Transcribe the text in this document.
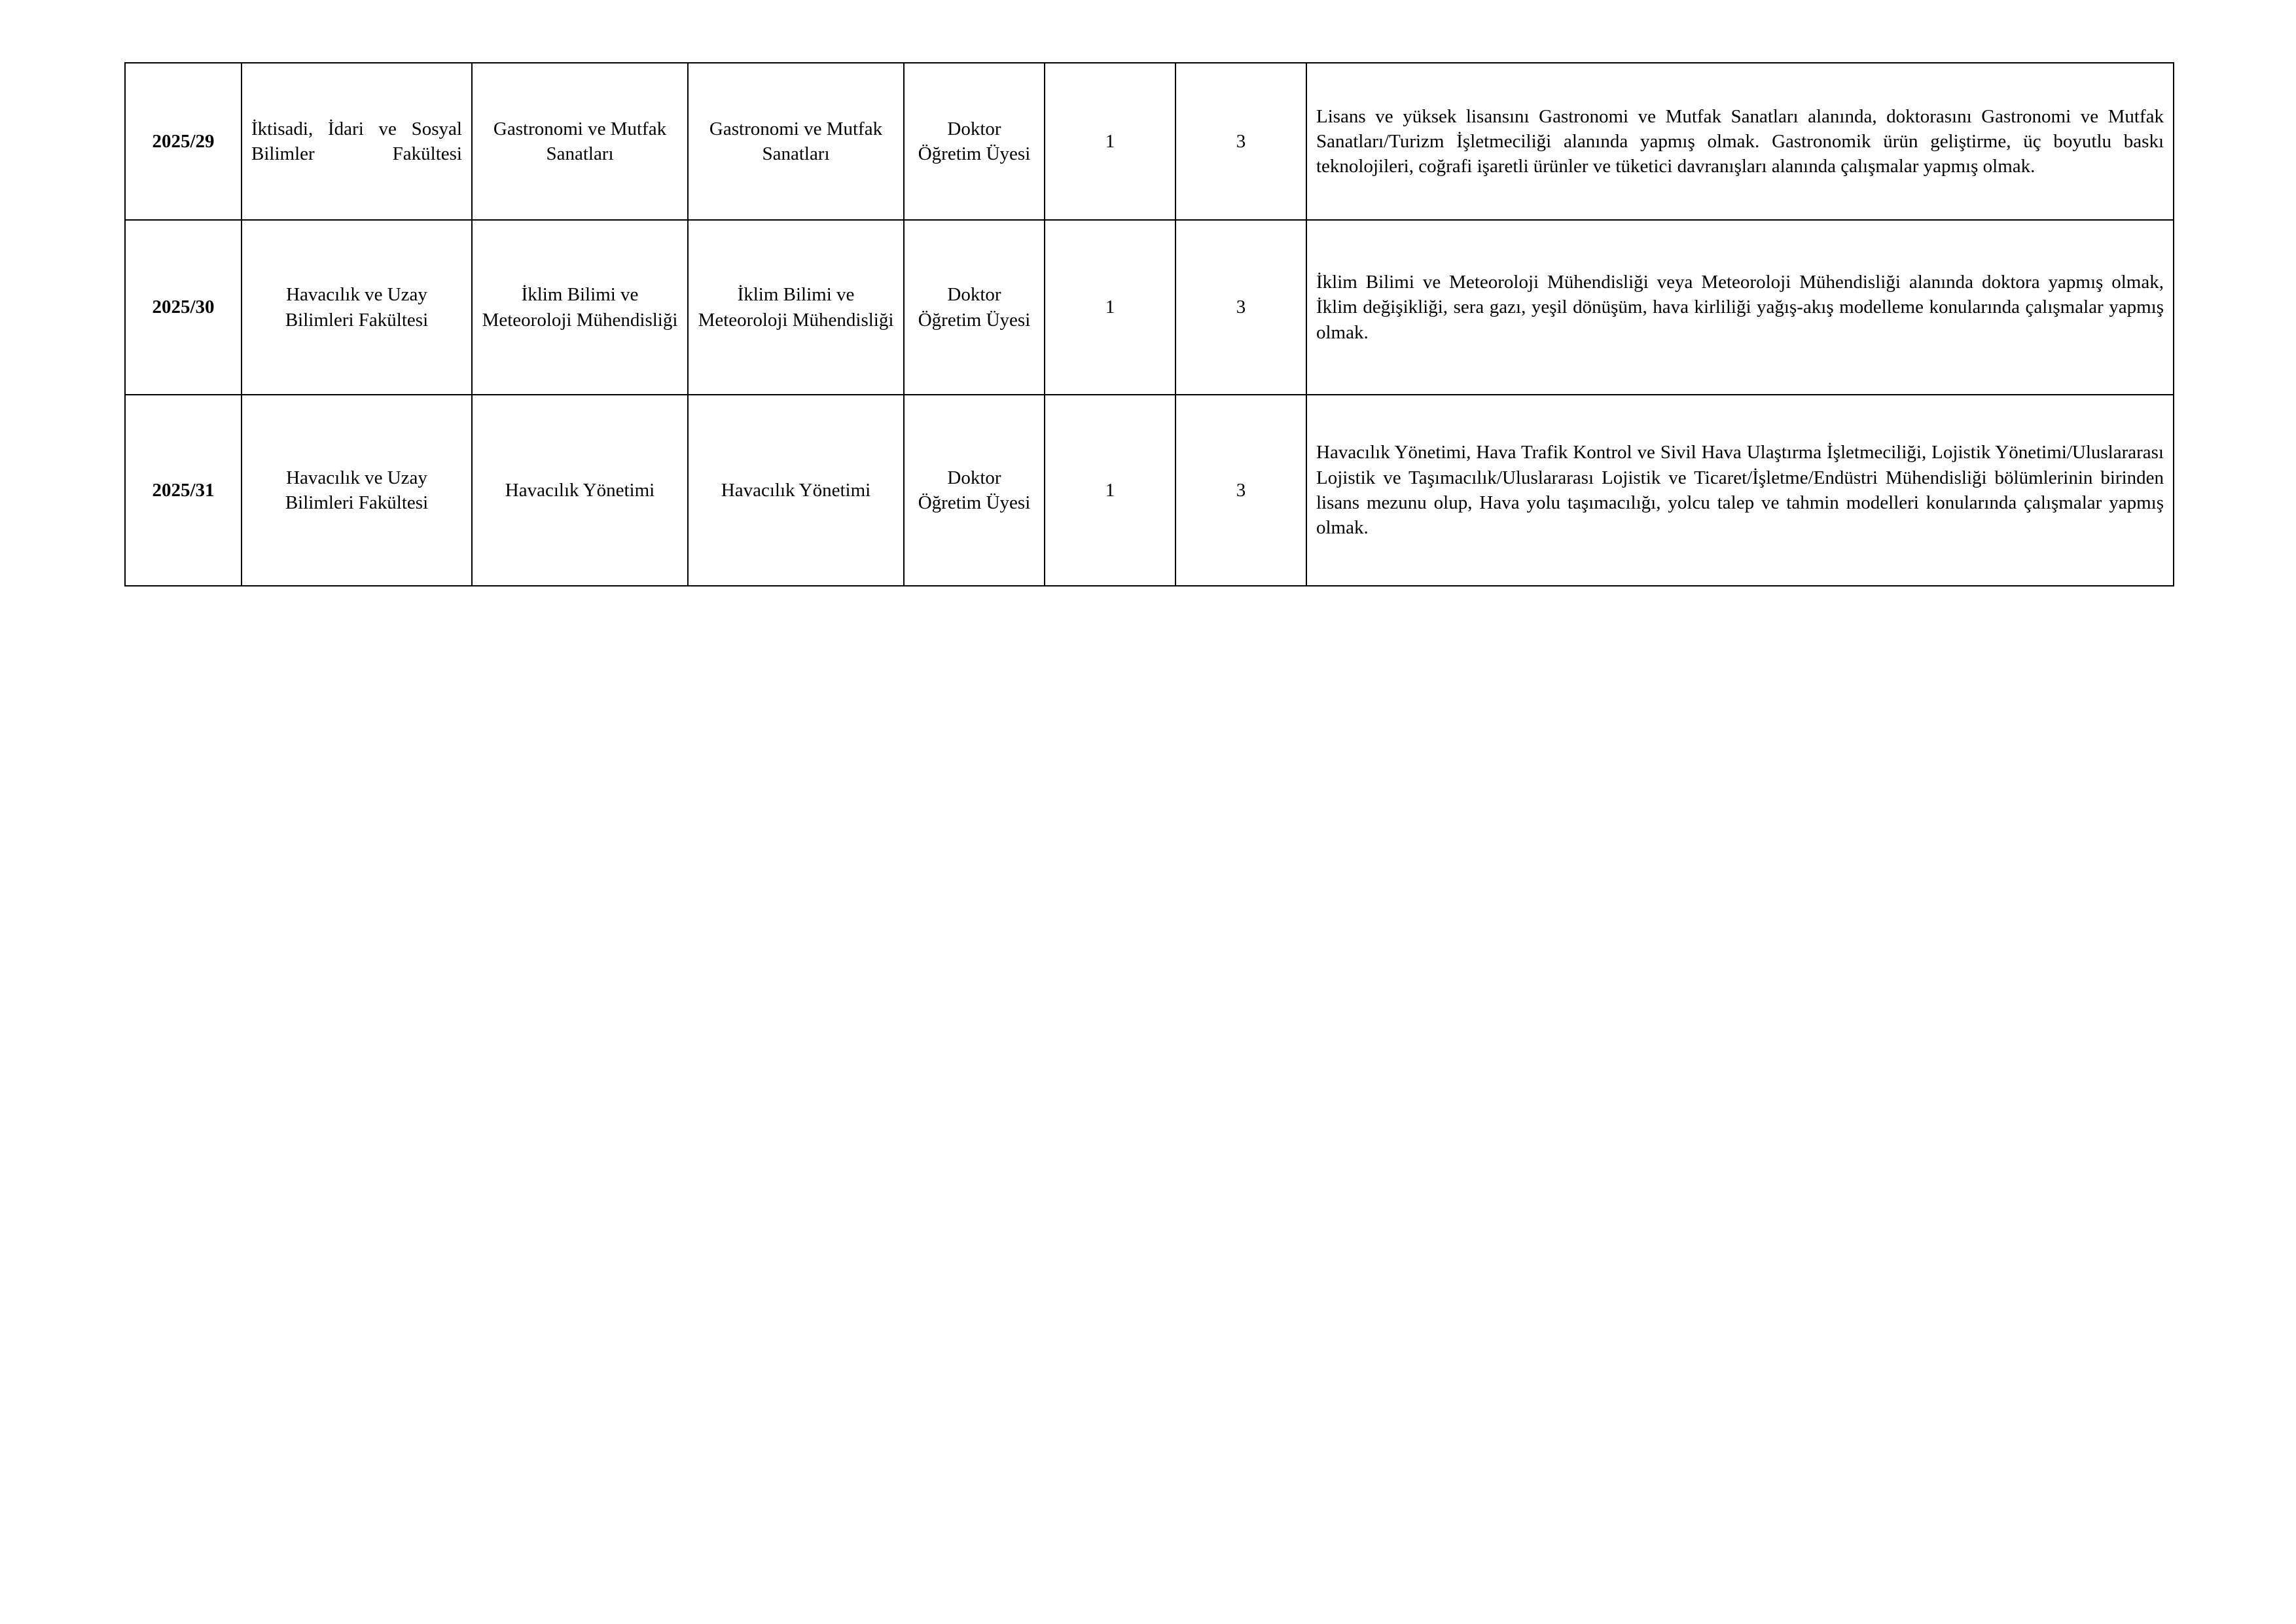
2025/29	İktisadi, İdari ve Sosyal Bilimler Fakültesi	Gastronomi ve Mutfak Sanatları	Gastronomi ve Mutfak Sanatları	Doktor Öğretim Üyesi	1	3	Lisans ve yüksek lisansını Gastronomi ve Mutfak Sanatları alanında, doktorasını Gastronomi ve Mutfak Sanatları/Turizm İşletmeciliği alanında yapmış olmak. Gastronomik ürün geliştirme, üç boyutlu baskı teknolojileri, coğrafi işaretli ürünler ve tüketici davranışları alanında çalışmalar yapmış olmak.
2025/30	Havacılık ve Uzay Bilimleri Fakültesi	İklim Bilimi ve Meteoroloji Mühendisliği	İklim Bilimi ve Meteoroloji Mühendisliği	Doktor Öğretim Üyesi	1	3	İklim Bilimi ve Meteoroloji Mühendisliği veya Meteoroloji Mühendisliği alanında doktora yapmış olmak, İklim değişikliği, sera gazı, yeşil dönüşüm, hava kirliliği yağış-akış modelleme konularında çalışmalar yapmış olmak.
2025/31	Havacılık ve Uzay Bilimleri Fakültesi	Havacılık Yönetimi	Havacılık Yönetimi	Doktor Öğretim Üyesi	1	3	Havacılık Yönetimi, Hava Trafik Kontrol ve Sivil Hava Ulaştırma İşletmeciliği, Lojistik Yönetimi/Uluslararası Lojistik ve Taşımacılık/Uluslararası Lojistik ve Ticaret/İşletme/Endüstri Mühendisliği bölümlerinin birinden lisans mezunu olup, Hava yolu taşımacılığı, yolcu talep ve tahmin modelleri konularında çalışmalar yapmış olmak.
